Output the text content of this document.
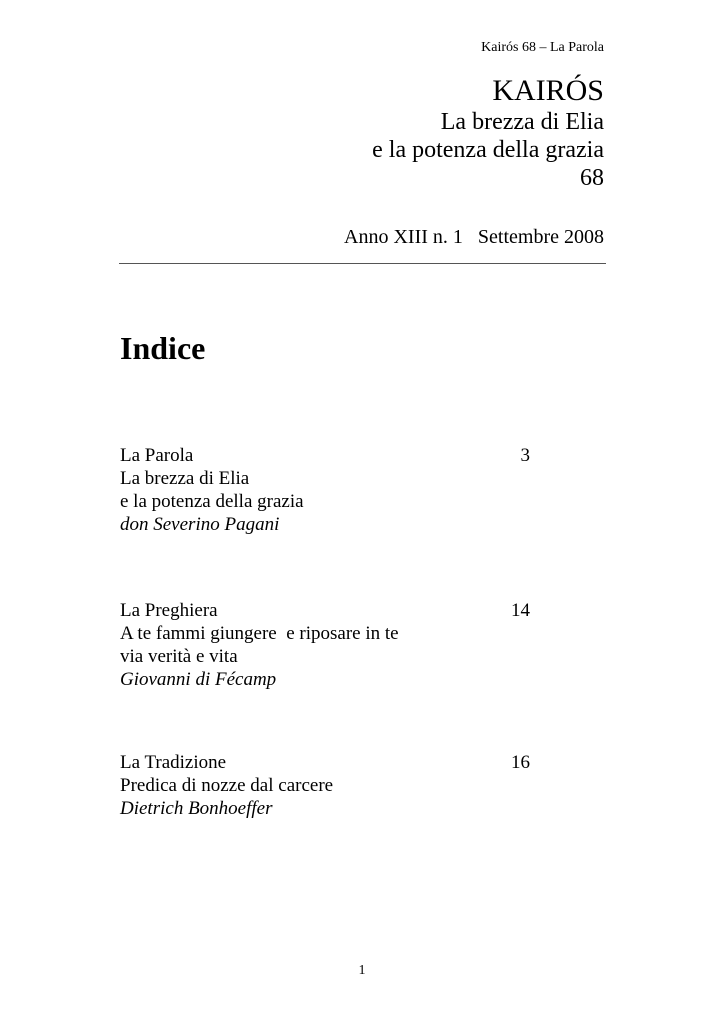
Kairós 68 – La Parola
KAIRÓS
La brezza di Elia
e la potenza della grazia
68
Anno XIII n. 1   Settembre 2008
Indice
La Parola	3
La brezza di Elia
e la potenza della grazia
don Severino Pagani
La Preghiera	14
A te fammi giungere  e riposare in te
via verità e vita
Giovanni di Fécamp
La Tradizione	16
Predica di nozze dal carcere
Dietrich Bonhoeffer
1
